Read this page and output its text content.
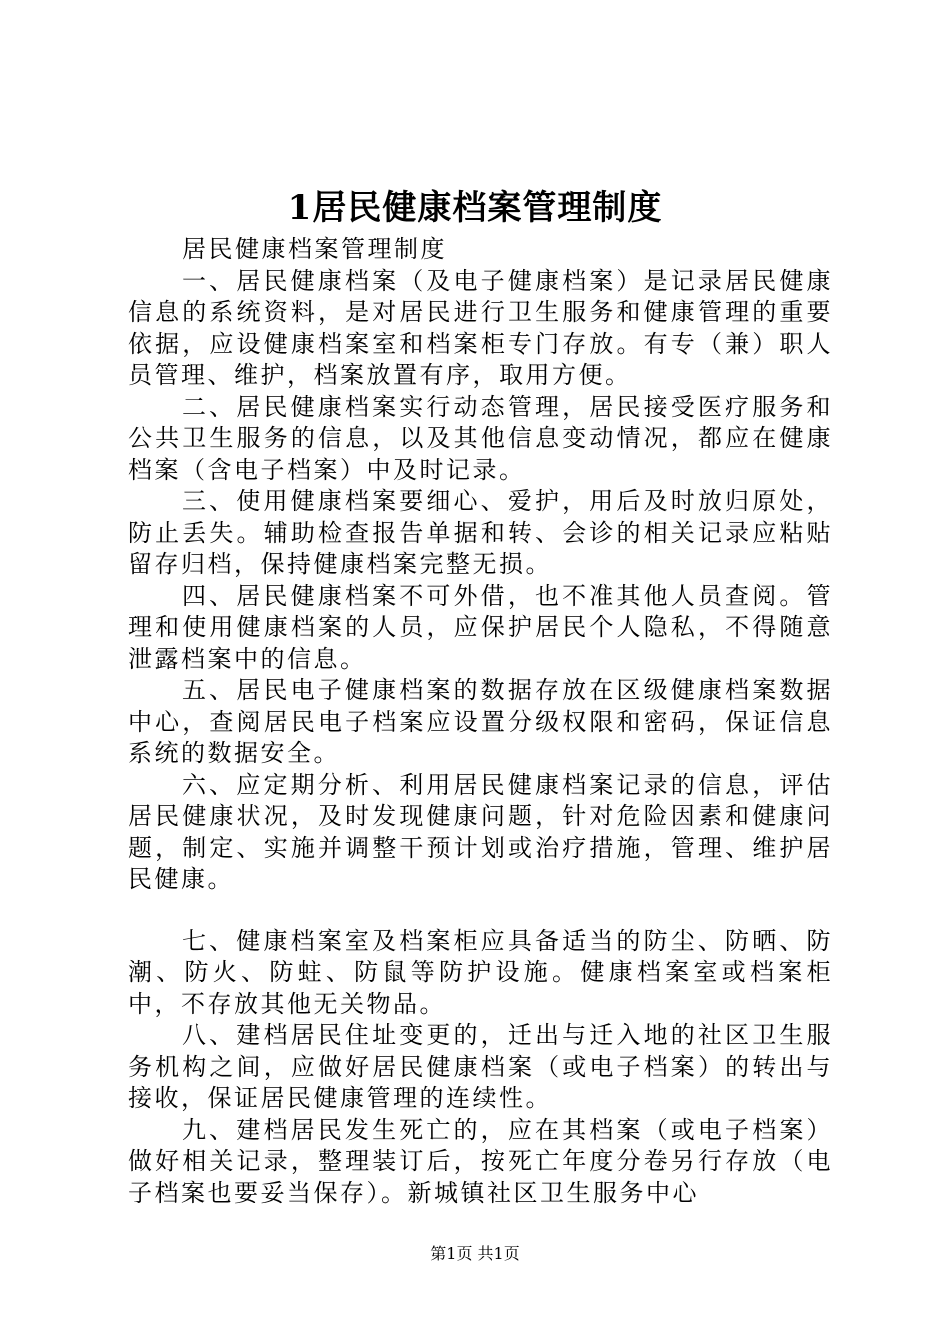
1居民健康档案管理制度

居民健康档案管理制度

一、居民健康档案（及电子健康档案）是记录居民健康信息的系统资料，是对居民进行卫生服务和健康管理的重要依据，应设健康档案室和档案柜专门存放。有专（兼）职人员管理、维护，档案放置有序，取用方便。

二、居民健康档案实行动态管理，居民接受医疗服务和公共卫生服务的信息，以及其他信息变动情况，都应在健康档案（含电子档案）中及时记录。

三、使用健康档案要细心、爱护，用后及时放归原处，防止丢失。辅助检查报告单据和转、会诊的相关记录应粘贴留存归档，保持健康档案完整无损。

四、居民健康档案不可外借，也不准其他人员查阅。管理和使用健康档案的人员，应保护居民个人隐私，不得随意泄露档案中的信息。

五、居民电子健康档案的数据存放在区级健康档案数据中心，查阅居民电子档案应设置分级权限和密码，保证信息系统的数据安全。

六、应定期分析、利用居民健康档案记录的信息，评估居民健康状况，及时发现健康问题，针对危险因素和健康问题，制定、实施并调整干预计划或治疗措施，管理、维护居民健康。

七、健康档案室及档案柜应具备适当的防尘、防晒、防潮、防火、防蛀、防鼠等防护设施。健康档案室或档案柜中，不存放其他无关物品。

八、建档居民住址变更的，迁出与迁入地的社区卫生服务机构之间，应做好居民健康档案（或电子档案）的转出与接收，保证居民健康管理的连续性。

九、建档居民发生死亡的，应在其档案（或电子档案）做好相关记录，整理装订后，按死亡年度分卷另行存放（电子档案也要妥当保存）。新城镇社区卫生服务中心

第1页 共1页
